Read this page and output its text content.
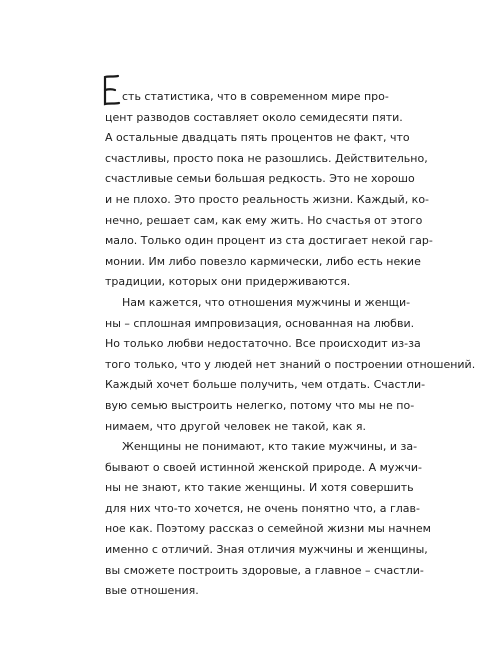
сть статистика, что в современном мире про-
цент разводов составляет около семидесяти пяти.
А остальные двадцать пять процентов не факт, что
счастливы, просто пока не разошлись. Действительно,
счастливые семьи большая редкость. Это не хорошо
и не плохо. Это просто реальность жизни. Каждый, ко-
нечно, решает сам, как ему жить. Но счастья от этого
мало. Только один процент из ста достигает некой гар-
монии. Им либо повезло кармически, либо есть некие
традиции, которых они придерживаются.
Нам кажется, что отношения мужчины и женщи-
ны – сплошная импровизация, основанная на любви.
Но только любви недостаточно. Все происходит из-за
того только, что у людей нет знаний о построении отношений.
Каждый хочет больше получить, чем отдать. Счастли-
вую семью выстроить нелегко, потому что мы не по-
нимаем, что другой человек не такой, как я.
Женщины не понимают, кто такие мужчины, и за-
бывают о своей истинной женской природе. А мужчи-
ны не знают, кто такие женщины. И хотя совершить
для них что-то хочется, не очень понятно что, а глав-
ное как. Поэтому рассказ о семейной жизни мы начнем
именно с отличий. Зная отличия мужчины и женщины,
вы сможете построить здоровые, а главное – счастли-
вые отношения.
